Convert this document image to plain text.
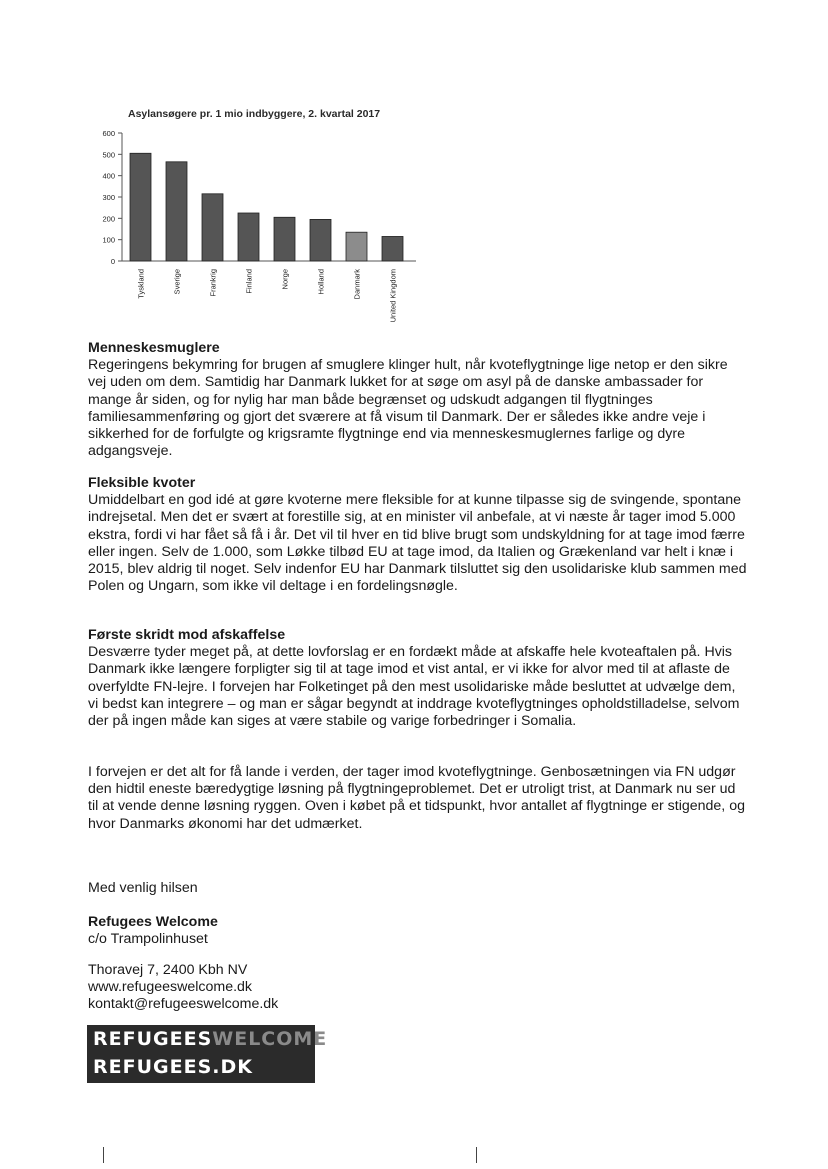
Asylansøgere pr. 1 mio indbyggere, 2. kvartal 2017
0
100
200
300
400
500
600
Tyskland	Sverige	Frankrig	Finland	Norge	Holland	Danmark	United Kingdom

Menneskesmuglere

Regeringens bekymring for brugen af smuglere klinger hult, når kvoteflygtninge lige netop er den sikre vej uden om dem. Samtidig har Danmark lukket for at søge om asyl på de danske ambassader for mange år siden, og for nylig har man både begrænset og udskudt adgangen til flygtninges familiesammenføring og gjort det sværere at få visum til Danmark. Der er således ikke andre veje i sikkerhed for de forfulgte og krigsramte flygtninge end via menneskesmuglernes farlige og dyre adgangsveje.

Fleksible kvoter

Umiddelbart en god idé at gøre kvoterne mere fleksible for at kunne tilpasse sig de svingende, spontane indrejsetal. Men det er svært at forestille sig, at en minister vil anbefale, at vi næste år tager imod 5.000 ekstra, fordi vi har fået så få i år. Det vil til hver en tid blive brugt som undskyldning for at tage imod færre eller ingen. Selv de 1.000, som Løkke tilbød EU at tage imod, da Italien og Grækenland var helt i knæ i 2015, blev aldrig til noget. Selv indenfor EU har Danmark tilsluttet sig den usolidariske klub sammen med Polen og Ungarn, som ikke vil deltage i en fordelingsnøgle.

Første skridt mod afskaffelse

Desværre tyder meget på, at dette lovforslag er en fordækt måde at afskaffe hele kvoteaftalen på. Hvis Danmark ikke længere forpligter sig til at tage imod et vist antal, er vi ikke for alvor med til at aflaste de overfyldte FN-lejre. I forvejen har Folketinget på den mest usolidariske måde besluttet at udvælge dem, vi bedst kan integrere – og man er sågar begyndt at inddrage kvoteflygtninges opholdstilladelse, selvom der på ingen måde kan siges at være stabile og varige forbedringer i Somalia.

I forvejen er det alt for få lande i verden, der tager imod kvoteflygtninge. Genbosætningen via FN udgør den hidtil eneste bæredygtige løsning på flygtningeproblemet. Det er utroligt trist, at Danmark nu ser ud til at vende denne løsning ryggen. Oven i købet på et tidspunkt, hvor antallet af flygtninge er stigende, og hvor Danmarks økonomi har det udmærket.

Med venlig hilsen

Refugees Welcome

c/o Trampolinhuset

Thoravej 7, 2400 Kbh NV

www.refugeeswelcome.dk

kontakt@refugeeswelcome.dk

REFUGEESWELCOME
REFUGEES.DK
